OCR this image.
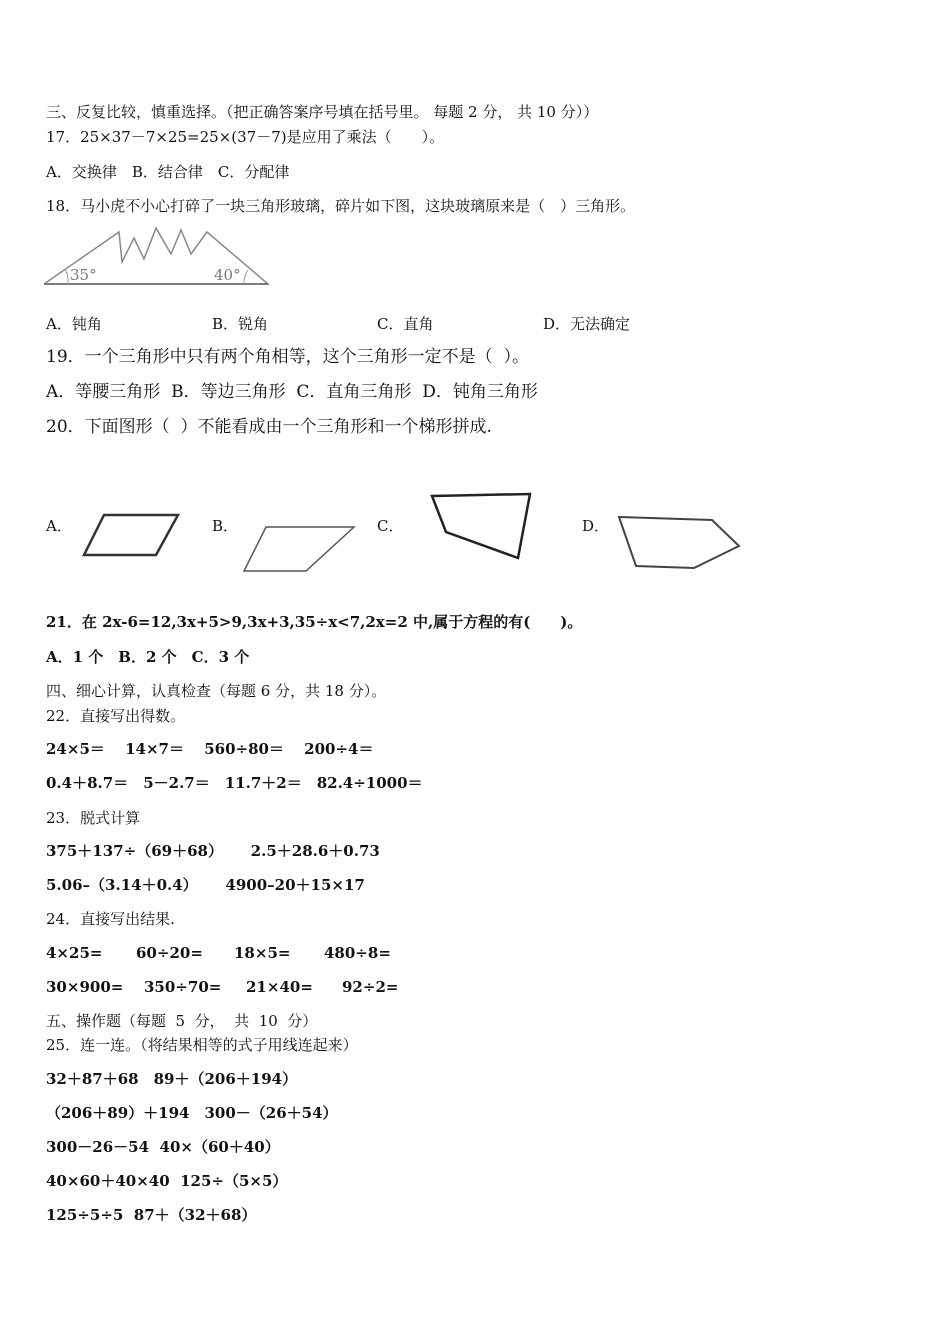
三、反复比较，慎重选择。（把正确答案序号填在括号里。 每题 2 分， 共 10 分））
17．25×37－7×25=25×(37－7)是应用了乘法（　　）。
A．交换律　B．结合律　C．分配律
18．马小虎不小心打碎了一块三角形玻璃，碎片如下图，这块玻璃原来是（　）三角形。
35°	40°
A．钝角	B．锐角	C．直角	D．无法确定
19．一个三角形中只有两个角相等，这个三角形一定不是（  ）。
A．等腰三角形  B．等边三角形  C．直角三角形  D．钝角三角形
20．下面图形（  ）不能看成由一个三角形和一个梯形拼成.
A．	B．	C．	D．
21．在 2x-6=12,3x+5>9,3x+3,35÷x<7,2x=2 中,属于方程的有(　　)。
A．1 个　B．2 个　C．3 个
四、细心计算，认真检查（每题 6 分，共 18 分）。
22．直接写出得数。
24×5＝　 14×7＝　 560÷80＝　 200÷4＝
0.4＋8.7＝　5－2.7＝　11.7＋2＝　82.4÷1000＝
23．脱式计算
375＋137÷（69＋68）　　 2.5＋28.6＋0.73
5.06–（3.14＋0.4）　　 4900–20＋15×17
24．直接写出结果.
4×25= 60÷20= 18×5= 480÷8=
30×900= 350÷70= 21×40= 92÷2=
五、操作题（每题  5  分，  共  10  分）
25．连一连。（将结果相等的式子用线连起来）
32＋87＋68　89＋（206＋194）
（206＋89）＋194　300－（26＋54）
300－26－54  40×（60＋40）
40×60＋40×40  125÷（5×5）
125÷5÷5  87＋（32＋68）
